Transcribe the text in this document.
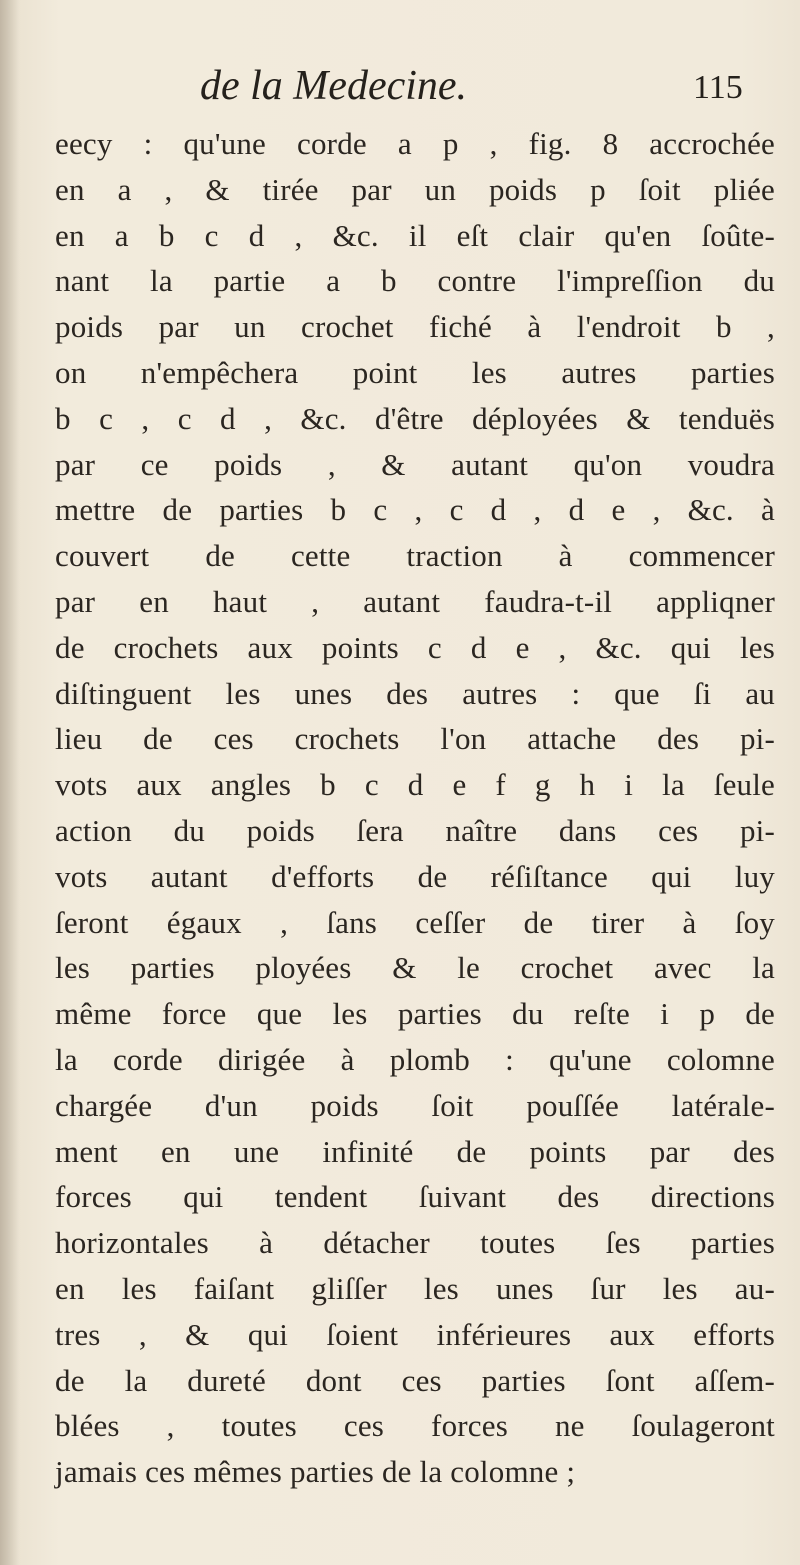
de la Medecine.	115
eecy : qu'une corde a p , fig. 8 accrochée
en a , & tirée par un poids p ſoit pliée
en a b c d , &c. il eſt clair qu'en ſoûte-
nant la partie a b contre l'impreſſion du
poids par un crochet fiché à l'endroit b ,
on n'empêchera point les autres parties
b c , c d , &c. d'être déployées & tenduës
par ce poids , & autant qu'on voudra
mettre de parties b c , c d , d e , &c. à
couvert de cette traction à commencer
par en haut , autant faudra-t-il appliqner
de crochets aux points c d e , &c. qui les
diſtinguent les unes des autres : que ſi au
lieu de ces crochets l'on attache des pi-
vots aux angles b c d e f g h i la ſeule
action du poids ſera naître dans ces pi-
vots autant d'efforts de réſiſtance qui luy
ſeront égaux , ſans ceſſer de tirer à ſoy
les parties ployées & le crochet avec la
même force que les parties du reſte i p de
la corde dirigée à plomb : qu'une colomne
chargée d'un poids ſoit pouſſée latérale-
ment en une infinité de points par des
forces qui tendent ſuivant des directions
horizontales à détacher toutes ſes parties
en les faiſant gliſſer les unes ſur les au-
tres , & qui ſoient inférieures aux efforts
de la dureté dont ces parties ſont aſſem-
blées , toutes ces forces ne ſoulageront
jamais ces mêmes parties de la colomne ;
